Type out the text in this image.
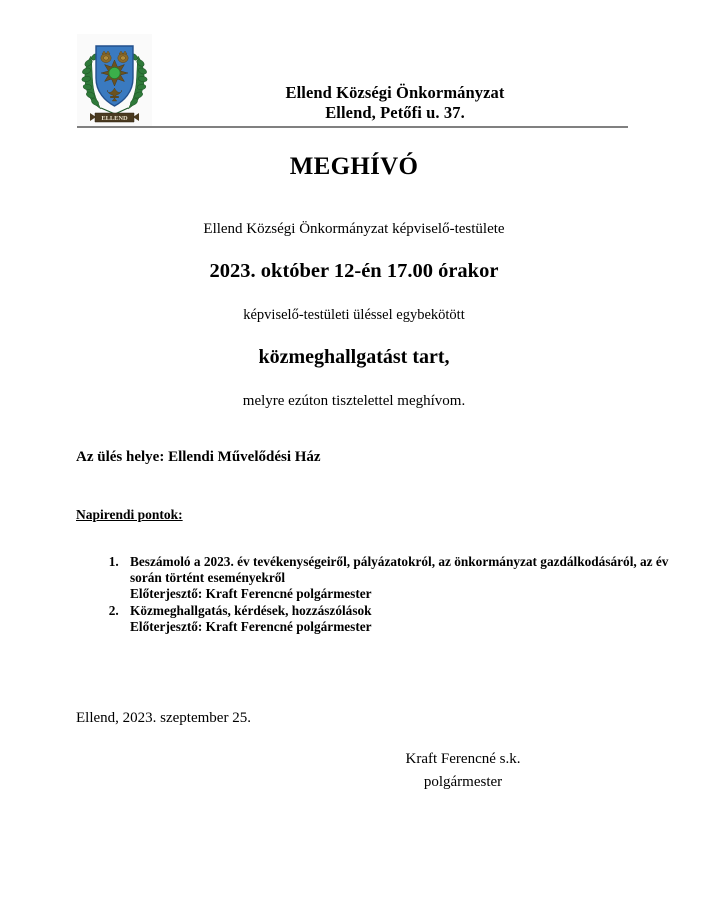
ELLEND
Ellend Községi Önkormányzat
Ellend, Petőfi u. 37.
MEGHÍVÓ
Ellend Községi Önkormányzat képviselő-testülete
2023. október 12-én 17.00 órakor
képviselő-testületi üléssel egybekötött
közmeghallgatást tart,
melyre ezúton tisztelettel meghívom.
Az ülés helye: Ellendi Művelődési Ház
Napirendi pontok:
1. Beszámoló a 2023. év tevékenységeiről, pályázatokról, az önkormányzat gazdálkodásáról, az év során történt eseményekről
Előterjesztő: Kraft Ferencné polgármester
2. Közmeghallgatás, kérdések, hozzászólások
Előterjesztő: Kraft Ferencné polgármester
Ellend, 2023. szeptember 25.
Kraft Ferencné s.k.
polgármester
